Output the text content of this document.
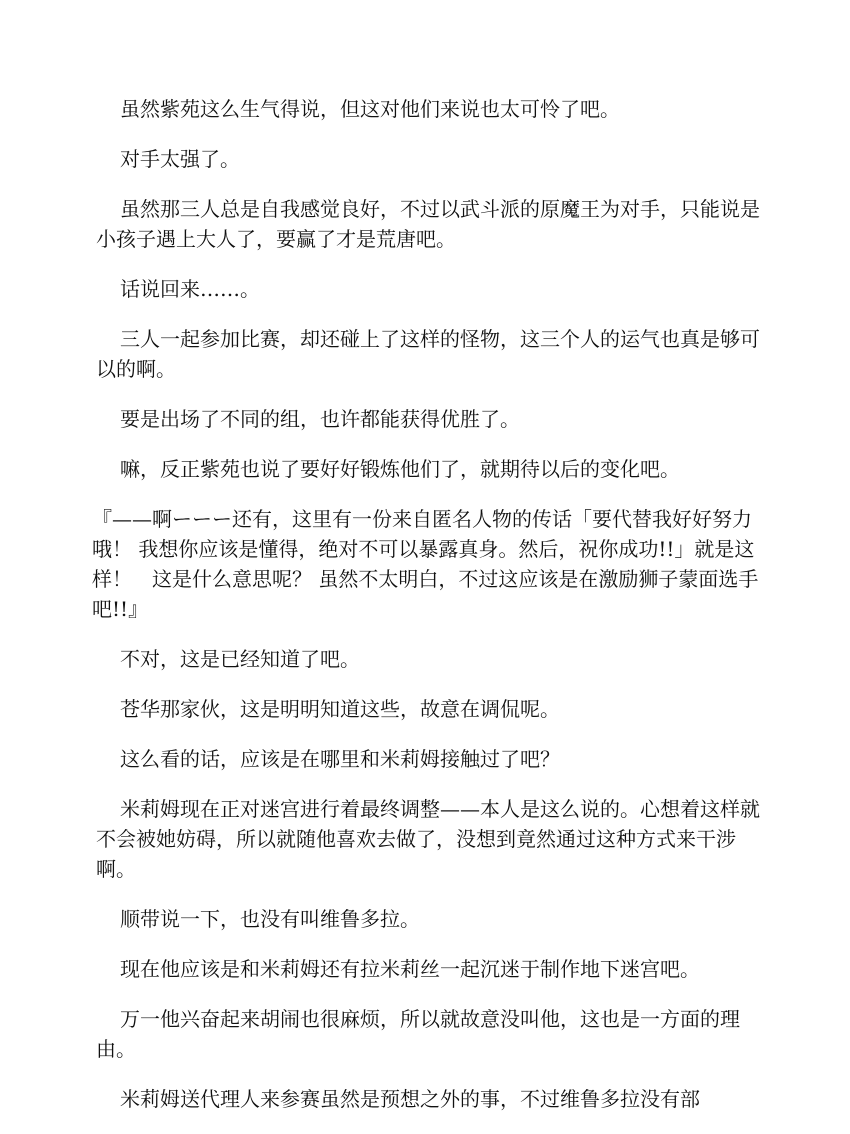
虽然紫苑这么生气得说，但这对他们来说也太可怜了吧。

对手太强了。

虽然那三人总是自我感觉良好，不过以武斗派的原魔王为对手，只能说是小孩子遇上大人了，要赢了才是荒唐吧。

话说回来……。

三人一起参加比赛，却还碰上了这样的怪物，这三个人的运气也真是够可以的啊。

要是出场了不同的组，也许都能获得优胜了。

嘛，反正紫苑也说了要好好锻炼他们了，就期待以后的变化吧。

『——啊ーーー还有，这里有一份来自匿名人物的传话「要代替我好好努力哦！ 我想你应该是懂得，绝对不可以暴露真身。然后，祝你成功!!」就是这样！　这是什么意思呢？ 虽然不太明白，不过这应该是在激励狮子蒙面选手吧!!』

不对，这是已经知道了吧。

苍华那家伙，这是明明知道这些，故意在调侃呢。

这么看的话，应该是在哪里和米莉姆接触过了吧？

米莉姆现在正对迷宫进行着最终调整——本人是这么说的。心想着这样就不会被她妨碍，所以就随他喜欢去做了，没想到竟然通过这种方式来干涉啊。

顺带说一下，也没有叫维鲁多拉。

现在他应该是和米莉姆还有拉米莉丝一起沉迷于制作地下迷宫吧。

万一他兴奋起来胡闹也很麻烦，所以就故意没叫他，这也是一方面的理由。

米莉姆送代理人来参赛虽然是预想之外的事，不过维鲁多拉没有部
